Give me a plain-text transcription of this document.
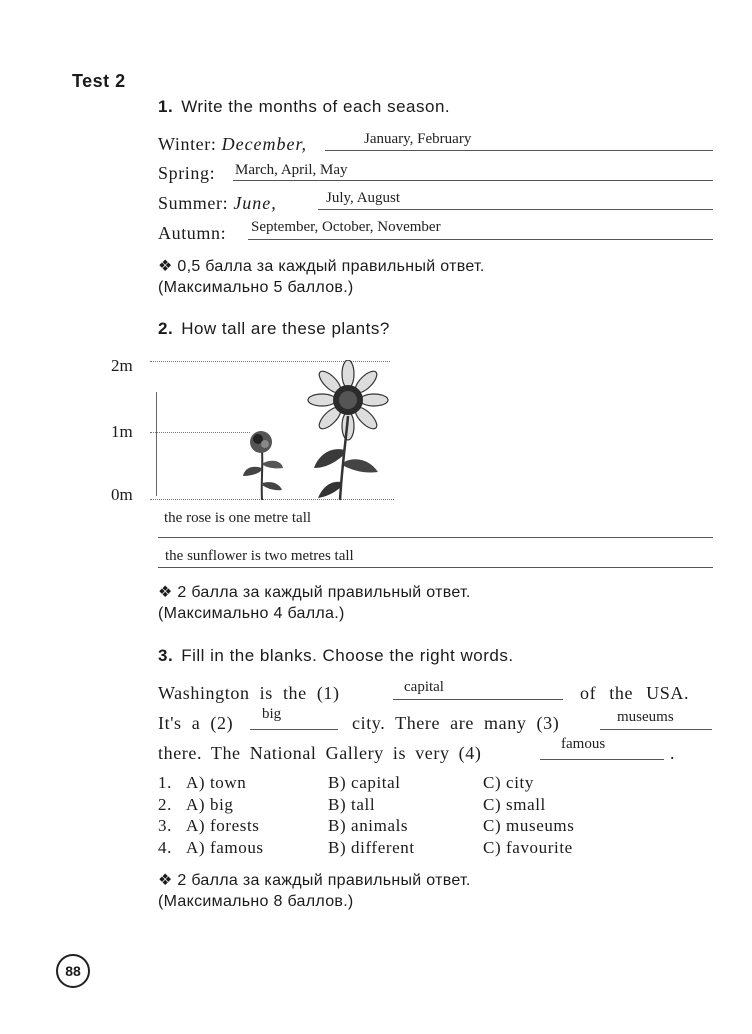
Test 2
1. Write the months of each season.
Winter: December,	January, February
Spring: March, April, May
Summer: June,	July, August
Autumn: September, October, November
❖ 0,5 балла за каждый правильный ответ.
(Максимально 5 баллов.)
2. How tall are these plants?
2m
1m
0m
the rose is one metre tall
the sunflower is two metres tall
❖ 2 балла за каждый правильный ответ.
(Максимально 4 балла.)
3. Fill in the blanks. Choose the right words.
Washington is the (1)	capital	of the USA.
It's a (2) big	city. There are many (3)	museums
there. The National Gallery is very (4)	famous	.
1. A) town	B) capital	C) city
2. A) big	B) tall	C) small
3. A) forests	B) animals	C) museums
4. A) famous	B) different	C) favourite
❖ 2 балла за каждый правильный ответ.
(Максимально 8 баллов.)
88
